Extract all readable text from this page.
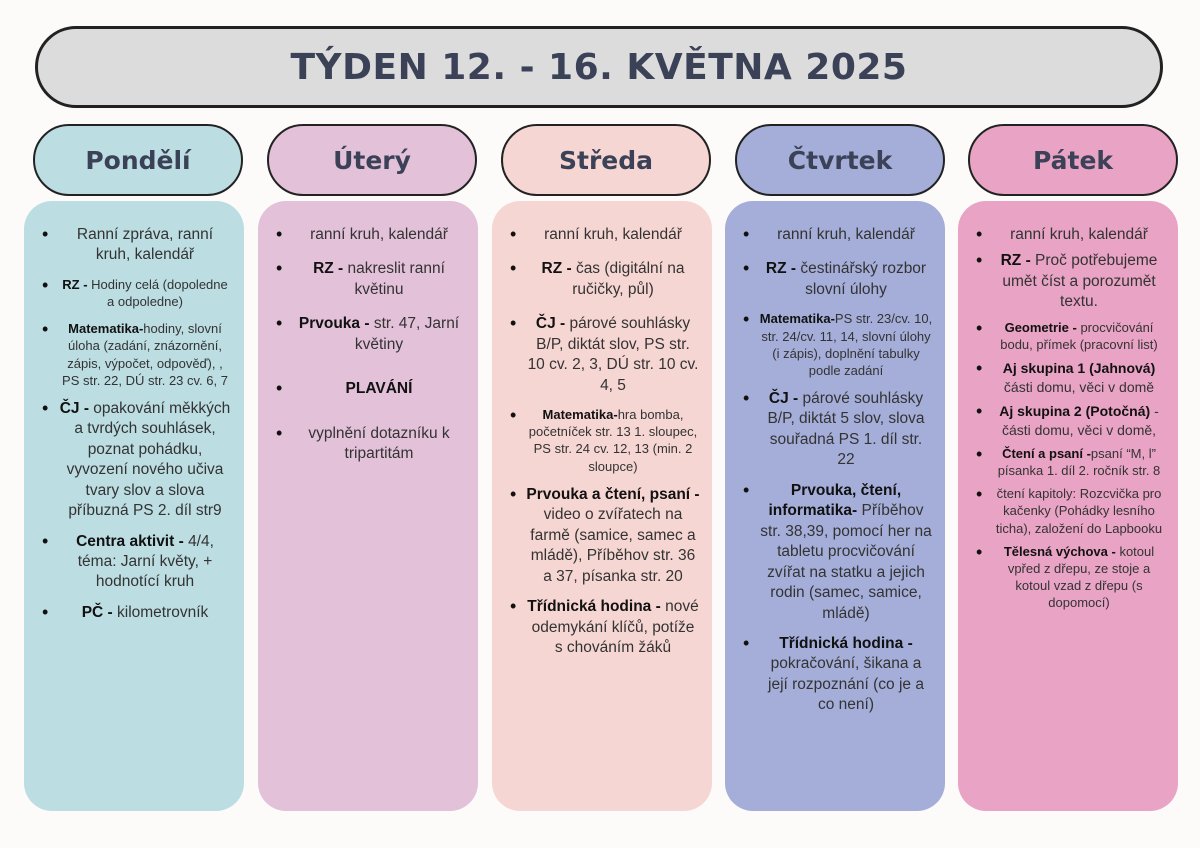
TÝDEN 12. - 16. KVĚTNA 2025
Pondělí	Úterý	Středa	Čtvrtek	Pátek
• Ranní zpráva, ranní kruh, kalendář
• RZ - Hodiny celá (dopoledne a odpoledne)
• Matematika-hodiny, slovní úloha (zadání, znázornění, zápis, výpočet, odpověď), , PS str. 22, DÚ str. 23 cv. 6, 7
• ČJ - opakování měkkých a tvrdých souhlásek, poznat pohádku, vyvození nového učiva tvary slov a slova příbuzná PS 2. díl str9
• Centra aktivit - 4/4, téma: Jarní květy, + hodnotící kruh
• PČ - kilometrovník
• ranní kruh, kalendář
• RZ - nakreslit ranní květinu
• Prvouka - str. 47, Jarní květiny
• PLAVÁNÍ
• vyplnění dotazníku k tripartitám
• ranní kruh, kalendář
• RZ - čas (digitální na ručičky, půl)
• ČJ - párové souhlásky B/P, diktát slov, PS str. 10 cv. 2, 3, DÚ str. 10 cv. 4, 5
• Matematika-hra bomba, početníček str. 13 1. sloupec, PS str. 24 cv. 12, 13 (min. 2 sloupce)
• Prvouka a čtení, psaní - video o zvířatech na farmě (samice, samec a mládě), Příběhov str. 36 a 37, písanka str. 20
• Třídnická hodina - nové odemykání klíčů, potíže s chováním žáků
• ranní kruh, kalendář
• RZ - čestinářský rozbor slovní úlohy
• Matematika-PS str. 23/cv. 10, str. 24/cv. 11, 14, slovní úlohy (i zápis), doplnění tabulky podle zadání
• ČJ - párové souhlásky B/P, diktát 5 slov, slova souřadná PS 1. díl str. 22
• Prvouka, čtení, informatika- Příběhov str. 38,39, pomocí her na tabletu procvičování zvířat na statku a jejich rodin (samec, samice, mládě)
• Třídnická hodina - pokračování, šikana a její rozpoznání (co je a co není)
• ranní kruh, kalendář
• RZ - Proč potřebujeme umět číst a porozumět textu.
• Geometrie - procvičování bodu, přímek (pracovní list)
• Aj skupina 1 (Jahnová) části domu, věci v domě
• Aj skupina 2 (Potočná) - části domu, věci v domě,
• Čtení a psaní -psaní “M, l” písanka 1. díl 2. ročník str. 8
• čtení kapitoly: Rozcvička pro kačenky (Pohádky lesního ticha), založení do Lapbooku
• Tělesná výchova - kotoul vpřed z dřepu, ze stoje a kotoul vzad z dřepu (s dopomocí)
